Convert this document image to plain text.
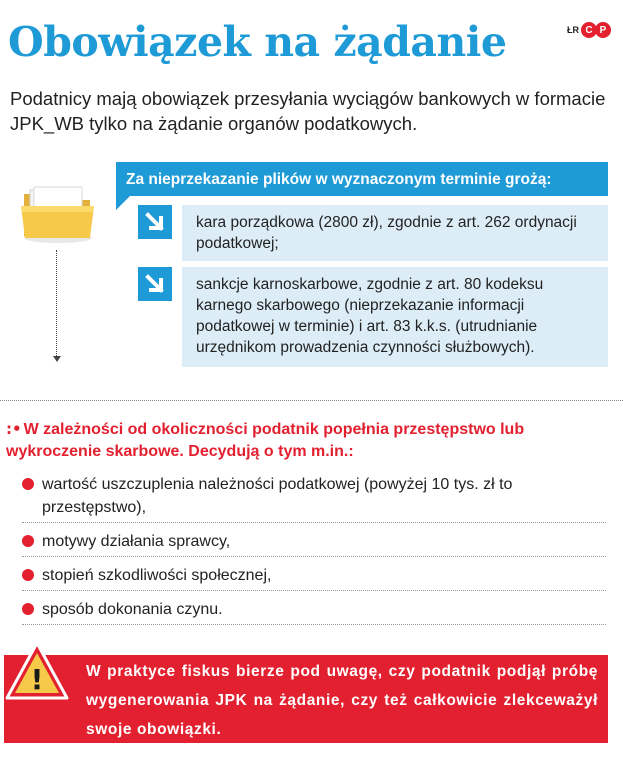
Obowiązek na żądanie	ŁR C P

Podatnicy mają obowiązek przesyłania wyciągów bankowych w formacie JPK_WB tylko na żądanie organów podatkowych.

Za nieprzekazanie plików w wyznaczonym terminie grożą:
kara porządkowa (2800 zł), zgodnie z art. 262 ordynacji podatkowej;
sankcje karnoskarbowe, zgodnie z art. 80 kodeksu karnego skarbowego (nieprzekazanie informacji podatkowej w terminie) i art. 83 k.k.s. (utrudnianie urzędnikom prowadzenia czynności służbowych).

:• W zależności od okoliczności podatnik popełnia przestępstwo lub wykroczenie skarbowe. Decydują o tym m.in.:

wartość uszczuplenia należności podatkowej (powyżej 10 tys. zł to przestępstwo),
motywy działania sprawcy,
stopień szkodliwości społecznej,
sposób dokonania czynu.
W praktyce fiskus bierze pod uwagę, czy podatnik podjął próbę wygenerowania JPK na żądanie, czy też całkowicie zlekceważył swoje obowiązki.
!
